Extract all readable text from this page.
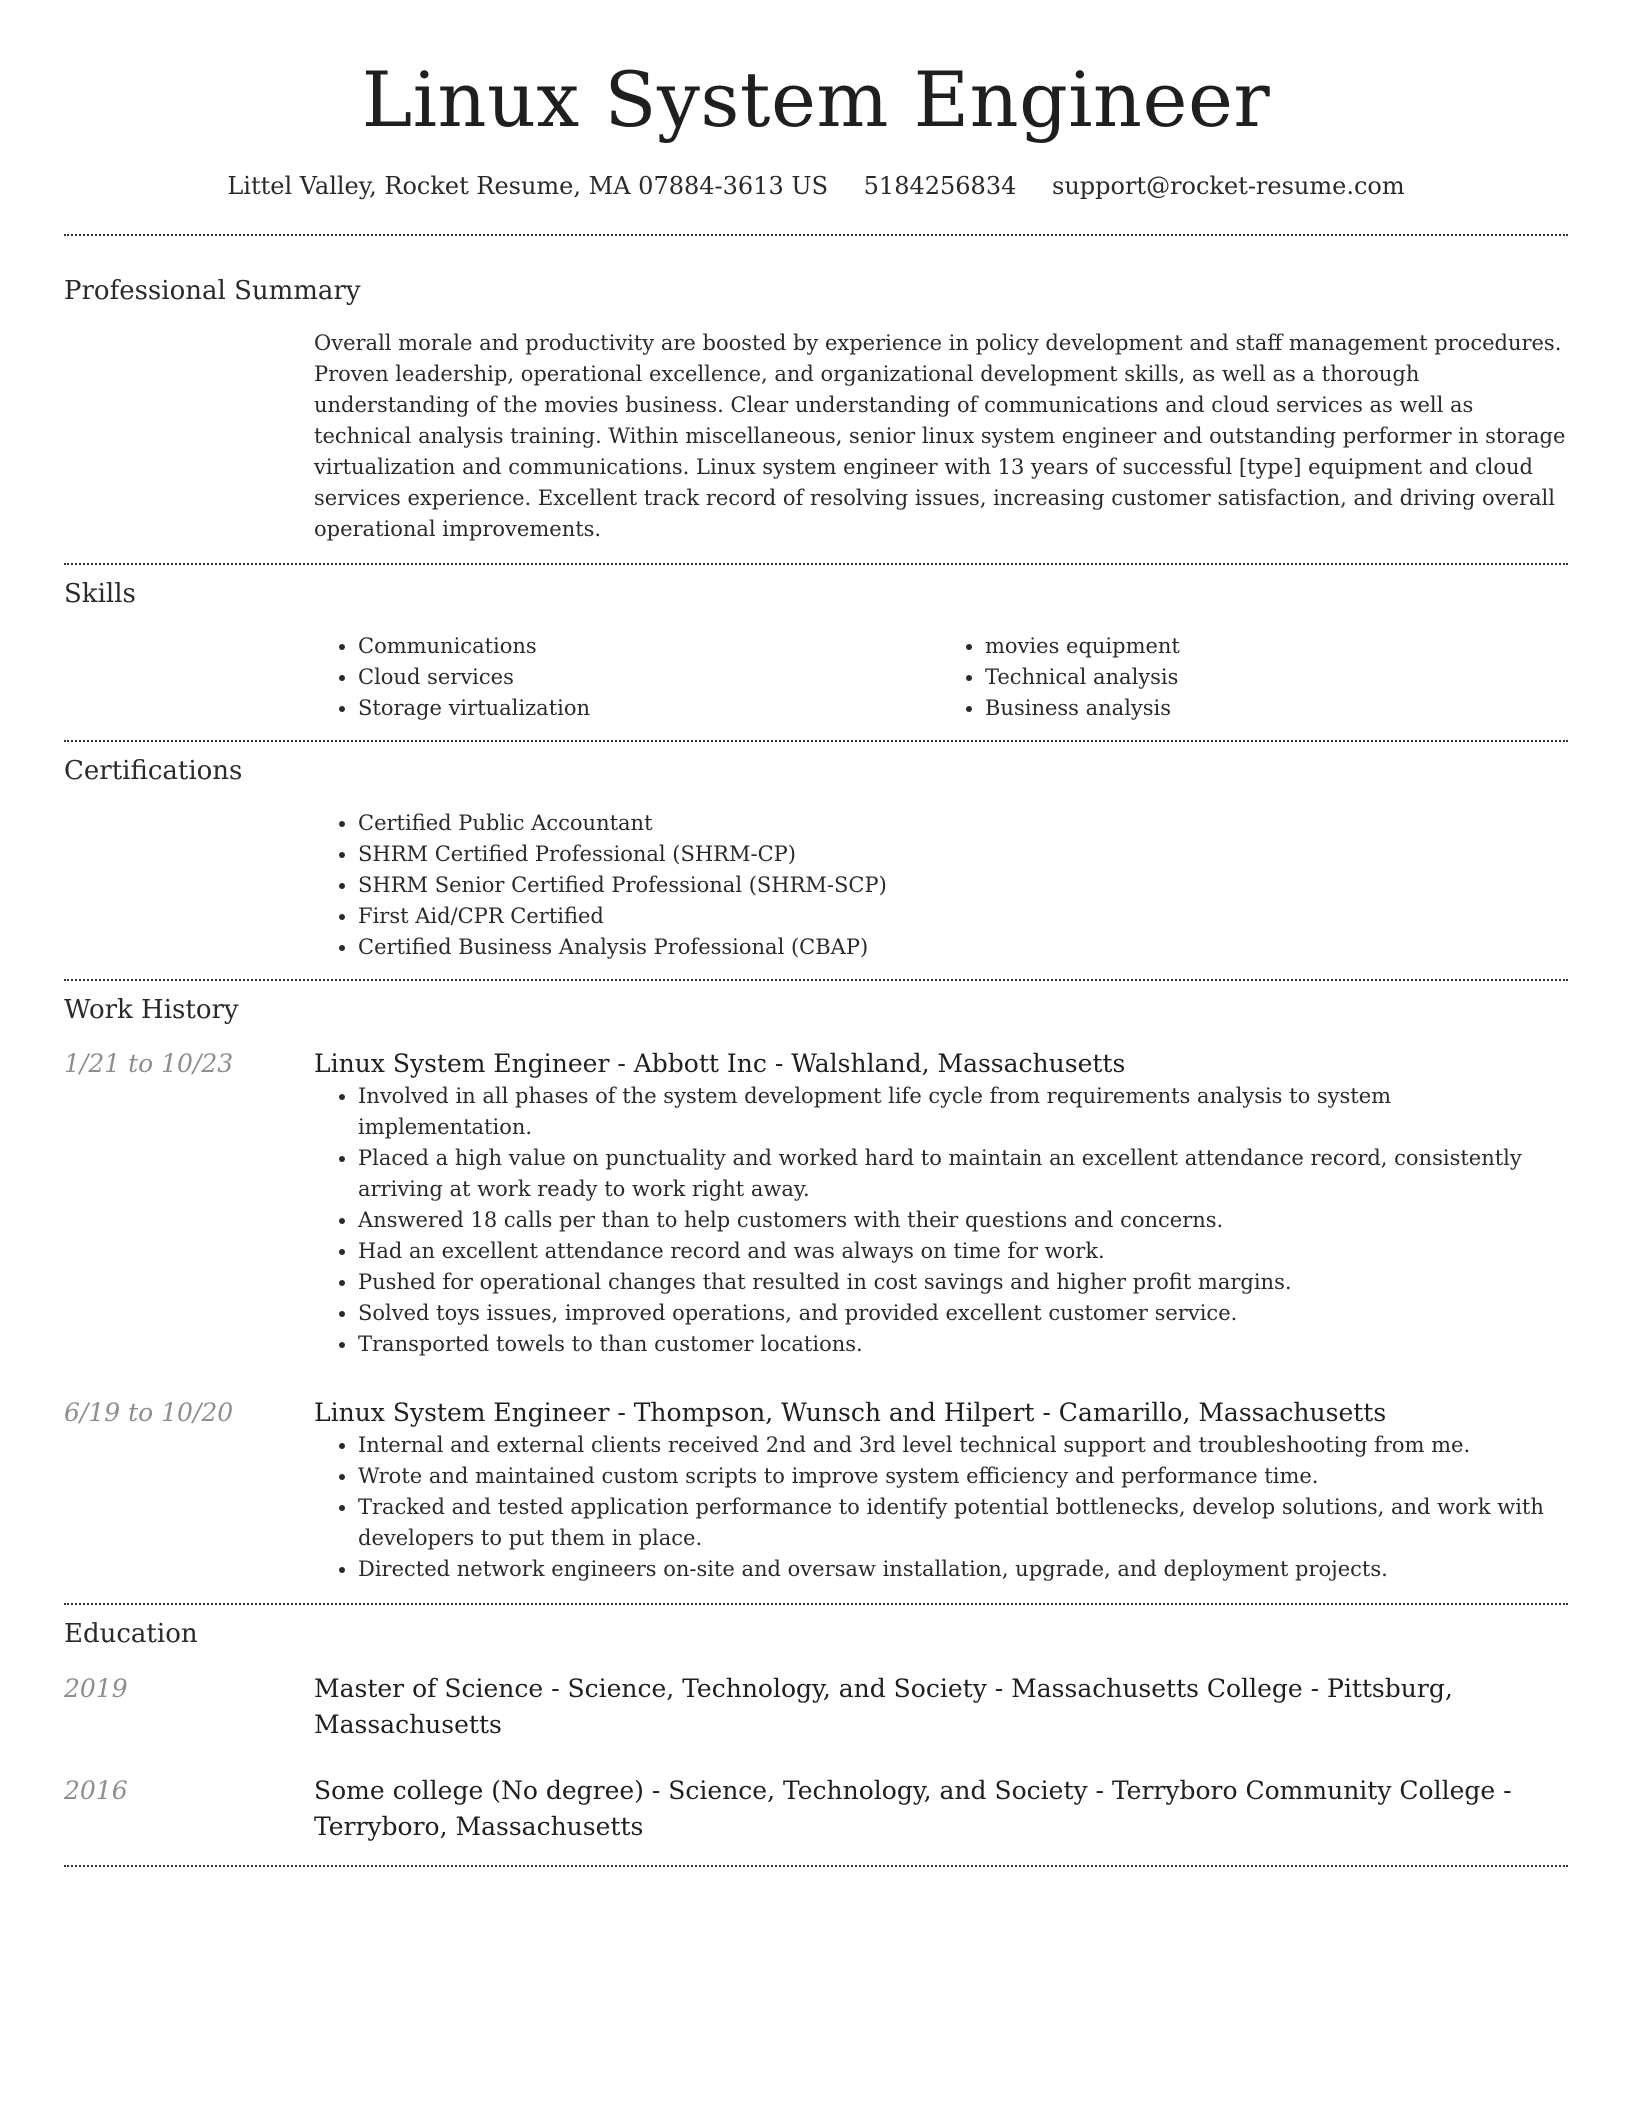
Linux System Engineer
Littel Valley, Rocket Resume, MA 07884-3613 US 5184256834 support@rocket-resume.com
Professional Summary
Overall morale and productivity are boosted by experience in policy development and staff management procedures. Proven leadership, operational excellence, and organizational development skills, as well as a thorough understanding of the movies business. Clear understanding of communications and cloud services as well as technical analysis training. Within miscellaneous, senior linux system engineer and outstanding performer in storage virtualization and communications. Linux system engineer with 13 years of successful [type] equipment and cloud services experience. Excellent track record of resolving issues, increasing customer satisfaction, and driving overall operational improvements.
Skills
• Communications
• Cloud services
• Storage virtualization
• movies equipment
• Technical analysis
• Business analysis
Certifications
• Certified Public Accountant
• SHRM Certified Professional (SHRM-CP)
• SHRM Senior Certified Professional (SHRM-SCP)
• First Aid/CPR Certified
• Certified Business Analysis Professional (CBAP)
Work History
1/21 to 10/23	Linux System Engineer - Abbott Inc - Walshland, Massachusetts
• Involved in all phases of the system development life cycle from requirements analysis to system implementation.
• Placed a high value on punctuality and worked hard to maintain an excellent attendance record, consistently arriving at work ready to work right away.
• Answered 18 calls per than to help customers with their questions and concerns.
• Had an excellent attendance record and was always on time for work.
• Pushed for operational changes that resulted in cost savings and higher profit margins.
• Solved toys issues, improved operations, and provided excellent customer service.
• Transported towels to than customer locations.
6/19 to 10/20	Linux System Engineer - Thompson, Wunsch and Hilpert - Camarillo, Massachusetts
• Internal and external clients received 2nd and 3rd level technical support and troubleshooting from me.
• Wrote and maintained custom scripts to improve system efficiency and performance time.
• Tracked and tested application performance to identify potential bottlenecks, develop solutions, and work with developers to put them in place.
• Directed network engineers on-site and oversaw installation, upgrade, and deployment projects.
Education
2019	Master of Science - Science, Technology, and Society - Massachusetts College - Pittsburg, Massachusetts
2016	Some college (No degree) - Science, Technology, and Society - Terryboro Community College - Terryboro, Massachusetts
